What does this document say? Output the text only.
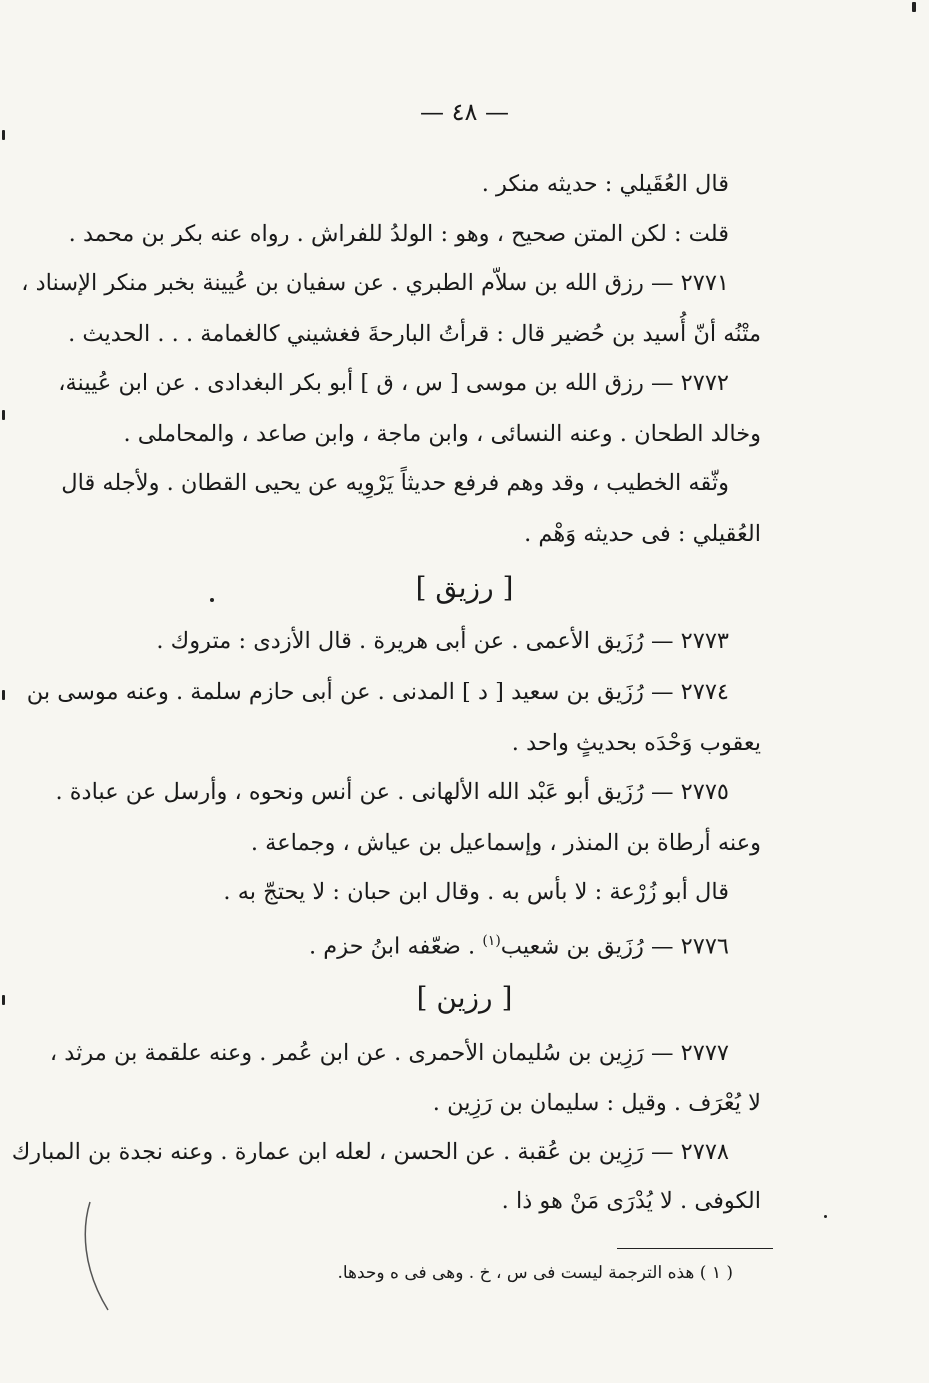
— ٤٨ —
قال العُقَيلي : حديثه منكر .
قلت : لكن المتن صحيح ، وهو : الولدُ للفراش . رواه عنه بكر بن محمد .
٢٧٧١ — رزق الله بن سلاّم الطبري . عن سفيان بن عُيينة بخبر منكر الإسناد ،
متْنُه أنّ أُسيد بن حُضير قال : قرأتُ البارحةَ فغشيني كالغمامة . . . الحديث .
٢٧٧٢ — رزق الله بن موسى [ س ، ق ] أبو بكر البغدادى . عن ابن عُيينة،
وخالد الطحان . وعنه النسائى ، وابن ماجة ، وابن صاعد ، والمحاملى .
وثّقه الخطيب ، وقد وهم فرفع حديثاً يَرْوِيه عن يحيى القطان . ولأجله قال
العُقيلي : فى حديثه وَهْم .
[ رزيق ]
٢٧٧٣ — رُزَيق الأعمى . عن أبى هريرة . قال الأزدى : متروك .
٢٧٧٤ — رُزَيق بن سعيد [ د ] المدنى . عن أبى حازم سلمة . وعنه موسى بن
يعقوب وَحْدَه بحديثٍ واحد .
٢٧٧٥ — رُزَيق أبو عَبْد الله الألهانى . عن أنس ونحوه ، وأرسل عن عبادة .
وعنه أرطاة بن المنذر ، وإسماعيل بن عياش ، وجماعة .
قال أبو زُرْعة : لا بأس به . وقال ابن حبان : لا يحتجّ به .
٢٧٧٦ — رُزَيق بن شعيب$^{(١)}$ . ضعّفه ابنُ حزم .
[ رزين ]
٢٧٧٧ — رَزِين بن سُليمان الأحمرى . عن ابن عُمر . وعنه علقمة بن مرثد ،
لا يُعْرَف . وقيل : سليمان بن رَزِين .
٢٧٧٨ — رَزِين بن عُقبة . عن الحسن ، لعله ابن عمارة . وعنه نجدة بن المبارك
الكوفى . لا يُدْرَى مَنْ هو ذا .
( ١ ) هذه الترجمة ليست فى س ، خ . وهى فى ه وحدها.
